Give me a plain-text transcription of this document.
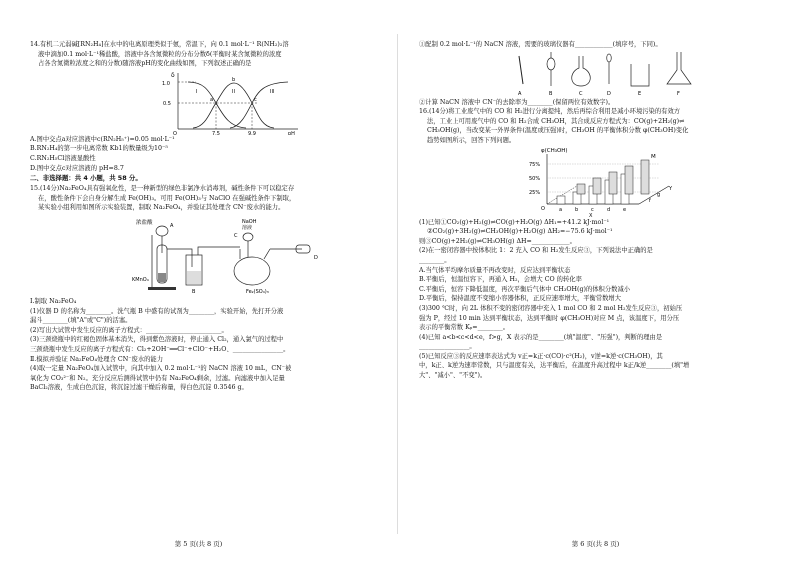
14.有机二元弱碱[RN₂H₄]在水中的电离原理类似于氨，常温下，向 0.1 mol·L⁻¹ R(NH₂)₂溶
液中滴加0.1 mol·L⁻¹稀盐酸，溶液中各含氮微粒的分布分数δ(平衡时某含氮微粒的浓度
占各含氮微粒浓度之和的分数)随溶液pH的变化曲线如图，下列叙述正确的是
δ
1.0
0.5
O	7.5	9.9	pH
I	II	III
a
b
c
A.图中交点a对应溶液中c(RN₂H₅⁺)=0.05 mol·L⁻¹
B.RN₂H₄的第一步电离常数 Kb1的数量级为10⁻⁵
C.RN₂H₅Cl溶液显酸性
D.图中交点c对应溶液的 pH=8.7
二、非选择题：共 4 小题，共 58 分。
15.(14分)Na₂FeO₄具有强氧化性，是一种新型的绿色非氯净水消毒剂，碱性条件下可以稳定存
在，酸性条件下会自身分解生成 Fe(OH)₃。可用 Fe(OH)₃与 NaClO 在强碱性条件下制取，
某实验小组利用如图所示实验装置，制取 Na₂FeO₄，并验证其处理含 CN⁻废水的能力。
浓盐酸	A
KMnO₄
B
NaOH
溶液
C
Fe₂(SO₄)₃
D
Ⅰ.制取 Na₂FeO₄
(1)仪器 D 的名称为________。洗气瓶 B 中盛有的试剂为________，实验开始，先打开分液
漏斗________(填"A"或"C")的活塞。
(2)写出大试管中发生反应的离子方程式：________________________。
(3)三颈烧瓶中的红褐色固体基本消失，得到紫色溶液时，停止通入 Cl₂，通入氯气的过程中
三颈烧瓶中发生反应的离子方程式有：Cl₂+2OH⁻══Cl⁻+ClO⁻+H₂O、________________。
Ⅱ.模拟并验证 Na₂FeO₄处理含 CN⁻废水的能力
(4)取一定量 Na₂FeO₄加入试管中，向其中加入 0.2 mol·L⁻¹的 NaCN 溶液 10 mL，CN⁻被
氧化为 CO₃²⁻和 N₂。充分反应后测得试管中仍有 Na₂FeO₄剩余，过滤。向滤液中加入足量
BaCl₂溶液，生成白色沉淀，将沉淀过滤干燥后称量，得白色沉淀 0.3546 g。
第 5 页(共 8 页)
①配制 0.2 mol·L⁻¹的 NaCN 溶液，需要的玻璃仪器有____________(填序号，下同)。
A	B	C	D	E	F
②计算 NaCN 溶液中 CN⁻的去除率为________(保留两位有效数字)。
16.(14分)将工业废气中的 CO 和 H₂进行分离提纯，然后再综合利用是减小环境污染的有效方
法，工业上可用废气中的 CO 和 H₂合成 CH₃OH，其合成反应方程式为：CO(g)+2H₂(g)⇌
CH₃OH(g)，当改变某一外界条件(温度或压强)时，CH₃OH 的平衡体积分数 φ(CH₃OH)变化
趋势如图所示，回答下列问题。
φ(CH₃OH)
75%
50%
25%
M
O	a	b	c	d	e
X
f
g
Y
(1)已知①CO₂(g)+H₂(g)⇌CO(g)+H₂O(g) ΔH₁=+41.2 kJ·mol⁻¹
②CO₂(g)+3H₂(g)⇌CH₃OH(g)+H₂O(g) ΔH₂=−75.6 kJ·mol⁻¹
则③CO(g)+2H₂(g)⇌CH₃OH(g) ΔH=____________。
(2)在一密闭容器中按体积比 1：2 充入 CO 和 H₂发生反应③，下列说法中正确的是
________。
A.当气体平均摩尔质量不再改变时，反应达到平衡状态
B.平衡后，恒温恒容下，再通入 H₂，会增大 CO 的转化率
C.平衡后，恒容下降低温度，再次平衡后气体中 CH₃OH(g)的体积分数减小
D.平衡后，保持温度不变缩小容器体积，正反应速率增大，平衡常数增大
(3)300 ℃时，向 2L 体积不变的密闭容器中充入 1 mol CO 和 2 mol H₂发生反应③，初始压
强为 P，经过 10 min 达到平衡状态，达到平衡时 φ(CH₃OH)对应 M 点，该温度下，用分压
表示的平衡常数 Kₚ=________。
(4)已知 a<b<c<d<e，f>g，X 表示的是________(填"温度"、"压强")，判断的理由是
________________。
(5)已知反应③的反应速率表达式为 v正=k正·c(CO)·c²(H₂)，v逆=k逆·c(CH₃OH)，其
中，k正、k逆为速率常数，只与温度有关，达平衡后，在温度升高过程中 k正/k逆________(填"增
大"、"减小"、"不变")。
第 6 页(共 8 页)
